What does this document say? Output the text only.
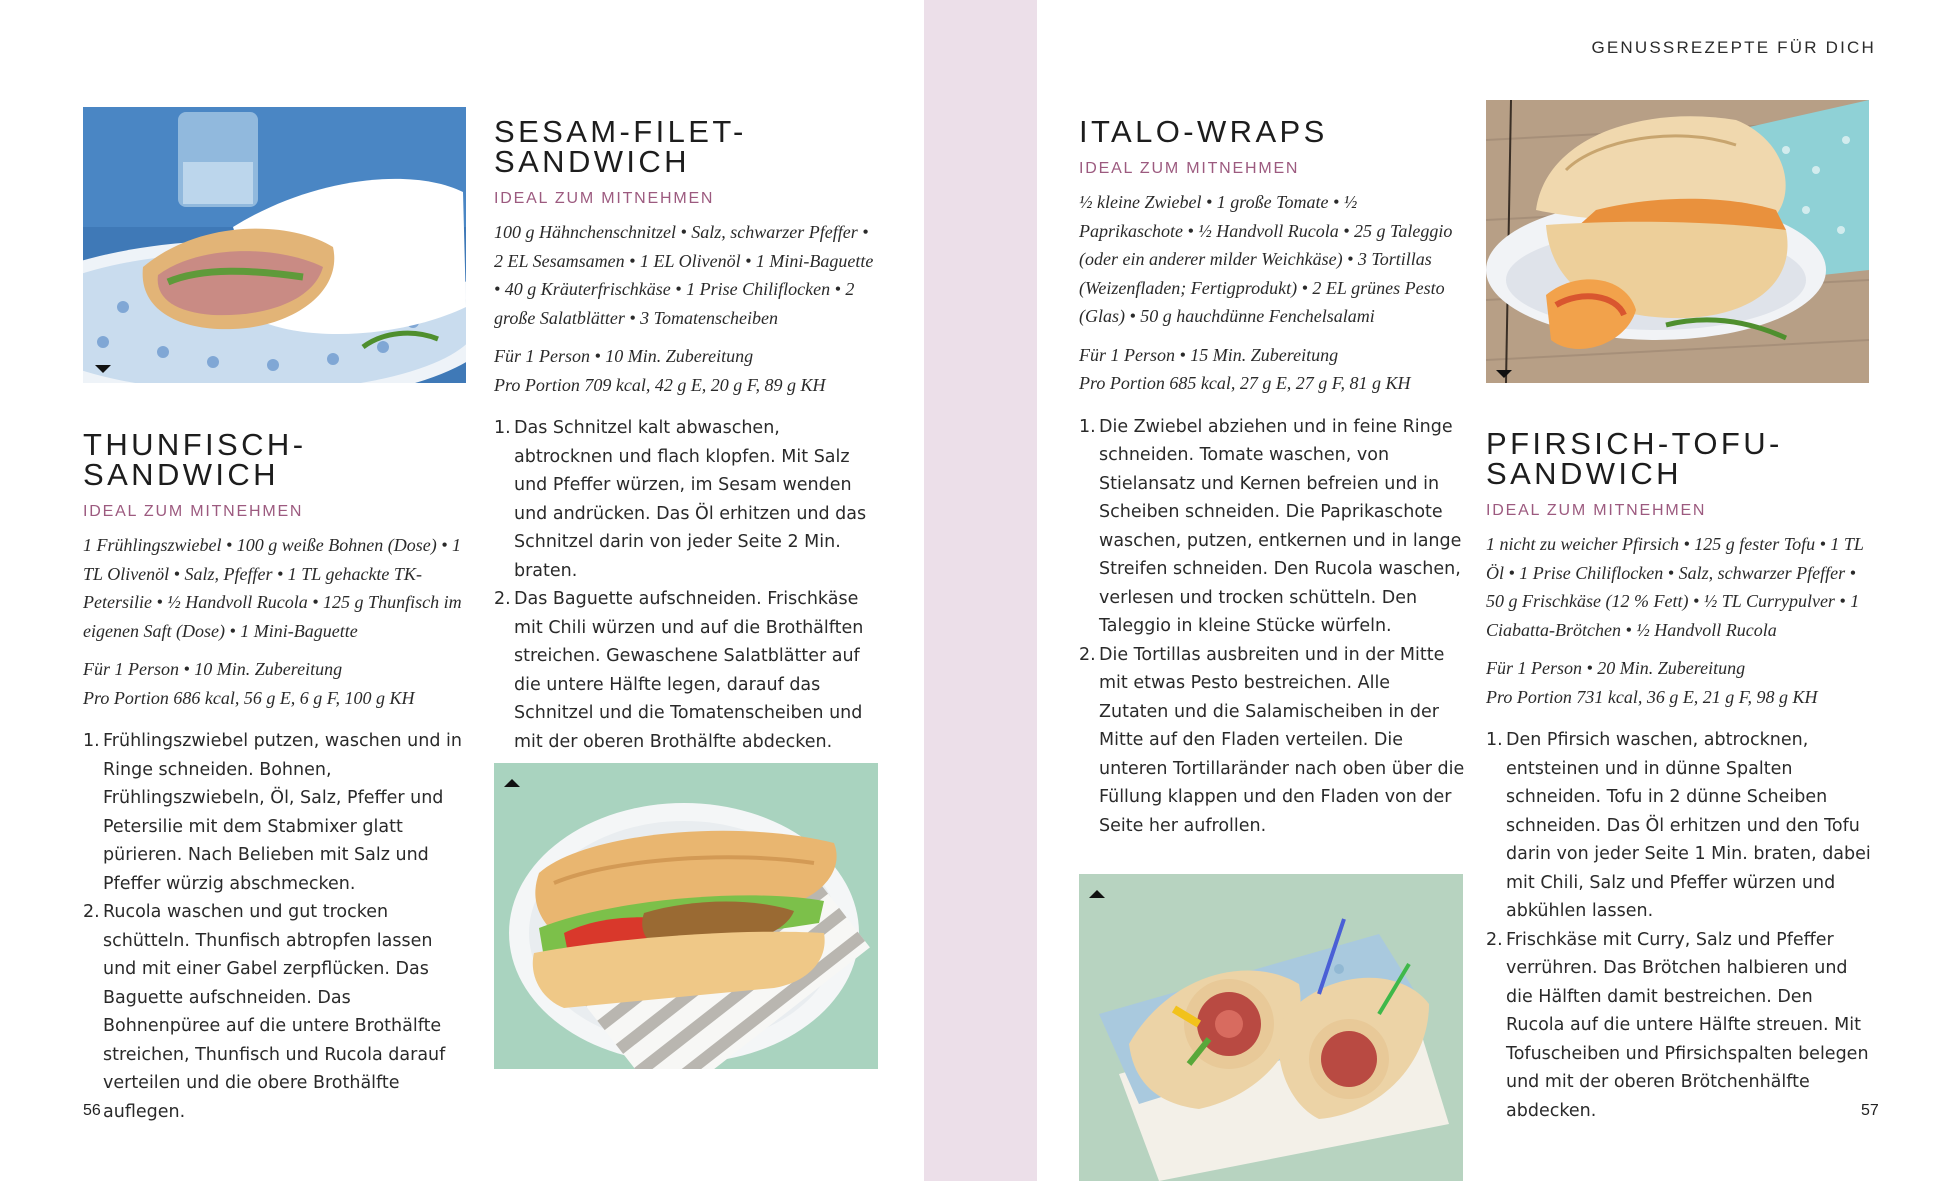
THUNFISCH-SANDWICH
IDEAL ZUM MITNEHMEN

1 Frühlingszwiebel • 100 g weiße Bohnen (Dose) • 1 TL Olivenöl • Salz, Pfeffer • 1 TL gehackte TK-Petersilie • ½ Handvoll Rucola • 125 g Thunfisch im eigenen Saft (Dose) • 1 Mini-Baguette

Für 1 Person • 10 Min. Zubereitung
Pro Portion 686 kcal, 56 g E, 6 g F, 100 g KH

1. Frühlingszwiebel putzen, waschen und in Ringe schneiden. Bohnen, Frühlingszwiebeln, Öl, Salz, Pfeffer und Petersilie mit dem Stabmixer glatt pürieren. Nach Belieben mit Salz und Pfeffer würzig abschmecken.
2. Rucola waschen und gut trocken schütteln. Thunfisch abtropfen lassen und mit einer Gabel zerpflücken. Das Baguette aufschneiden. Das Bohnenpüree auf die untere Brothälfte streichen, Thunfisch und Rucola darauf verteilen und die obere Brothälfte auflegen.
SESAM-FILET-SANDWICH
IDEAL ZUM MITNEHMEN

100 g Hähnchenschnitzel • Salz, schwarzer Pfeffer • 2 EL Sesamsamen • 1 EL Olivenöl • 1 Mini-Baguette • 40 g Kräuterfrischkäse • 1 Prise Chiliflocken • 2 große Salatblätter • 3 Tomatenscheiben

Für 1 Person • 10 Min. Zubereitung
Pro Portion 709 kcal, 42 g E, 20 g F, 89 g KH

1. Das Schnitzel kalt abwaschen, abtrocknen und flach klopfen. Mit Salz und Pfeffer würzen, im Sesam wenden und andrücken. Das Öl erhitzen und das Schnitzel darin von jeder Seite 2 Min. braten.
2. Das Baguette aufschneiden. Frischkäse mit Chili würzen und auf die Brothälften streichen. Gewaschene Salatblätter auf die untere Hälfte legen, darauf das Schnitzel und die Tomatenscheiben und mit der oberen Brothälfte abdecken.
56
GENUSSREZEPTE FÜR DICH
ITALO-WRAPS
IDEAL ZUM MITNEHMEN

½ kleine Zwiebel • 1 große Tomate • ½ Paprikaschote • ½ Handvoll Rucola • 25 g Taleggio (oder ein anderer milder Weichkäse) • 3 Tortillas (Weizenfladen; Fertigprodukt) • 2 EL grünes Pesto (Glas) • 50 g hauchdünne Fenchelsalami

Für 1 Person • 15 Min. Zubereitung
Pro Portion 685 kcal, 27 g E, 27 g F, 81 g KH

1. Die Zwiebel abziehen und in feine Ringe schneiden. Tomate waschen, von Stielansatz und Kernen befreien und in Scheiben schneiden. Die Paprikaschote waschen, putzen, entkernen und in lange Streifen schneiden. Den Rucola waschen, verlesen und trocken schütteln. Den Taleggio in kleine Stücke würfeln.
2. Die Tortillas ausbreiten und in der Mitte mit etwas Pesto bestreichen. Alle Zutaten und die Salamischeiben in der Mitte auf den Fladen verteilen. Die unteren Tortillaränder nach oben über die Füllung klappen und den Fladen von der Seite her aufrollen.
PFIRSICH-TOFU-SANDWICH
IDEAL ZUM MITNEHMEN

1 nicht zu weicher Pfirsich • 125 g fester Tofu • 1 TL Öl • 1 Prise Chiliflocken • Salz, schwarzer Pfeffer • 50 g Frischkäse (12 % Fett) • ½ TL Currypulver • 1 Ciabatta-Brötchen • ½ Handvoll Rucola

Für 1 Person • 20 Min. Zubereitung
Pro Portion 731 kcal, 36 g E, 21 g F, 98 g KH

1. Den Pfirsich waschen, abtrocknen, entsteinen und in dünne Spalten schneiden. Tofu in 2 dünne Scheiben schneiden. Das Öl erhitzen und den Tofu darin von jeder Seite 1 Min. braten, dabei mit Chili, Salz und Pfeffer würzen und abkühlen lassen.
2. Frischkäse mit Curry, Salz und Pfeffer verrühren. Das Brötchen halbieren und die Hälften damit bestreichen. Den Rucola auf die untere Hälfte streuen. Mit Tofuscheiben und Pfirsichspalten belegen und mit der oberen Brötchenhälfte abdecken.	57
